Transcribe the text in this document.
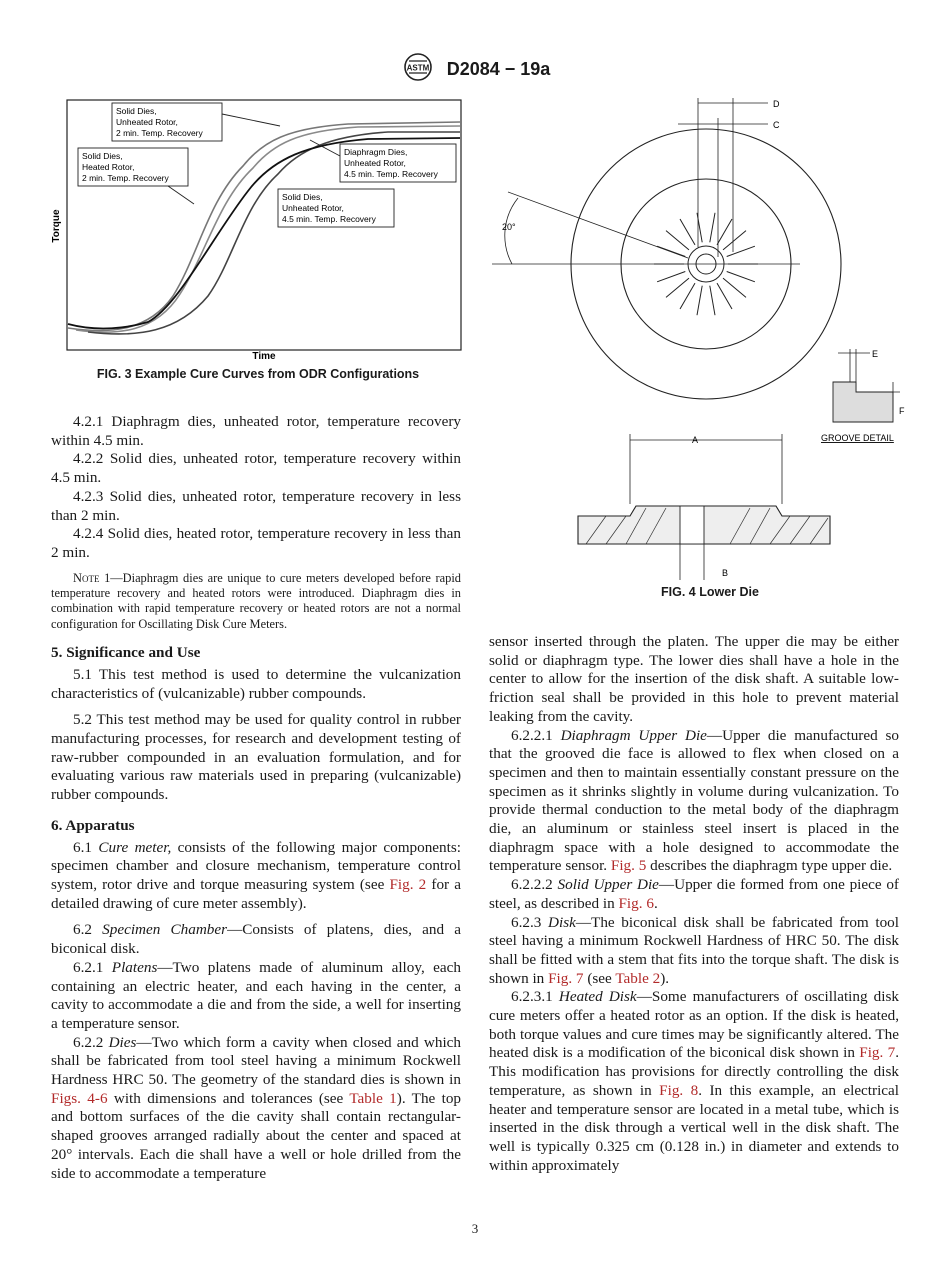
ASTM D2084 − 19a
Torque
Time
Solid Dies,
Unheated Rotor,
2 min. Temp. Recovery
Solid Dies,
Heated Rotor,
2 min. Temp. Recovery
Diaphragm Dies,
Unheated Rotor,
4.5 min. Temp. Recovery
Solid Dies,
Unheated Rotor,
4.5 min. Temp. Recovery
FIG. 3 Example Cure Curves from ODR Configurations
D
C
20°
E
F
GROOVE DETAIL
A
B
FIG. 4 Lower Die

4.2.1 Diaphragm dies, unheated rotor, temperature recovery within 4.5 min.

4.2.2 Solid dies, unheated rotor, temperature recovery within 4.5 min.

4.2.3 Solid dies, unheated rotor, temperature recovery in less than 2 min.

4.2.4 Solid dies, heated rotor, temperature recovery in less than 2 min.

Note 1—Diaphragm dies are unique to cure meters developed before rapid temperature recovery and heated rotors were introduced. Diaphragm dies in combination with rapid temperature recovery or heated rotors are not a normal configuration for Oscillating Disk Cure Meters.

5. Significance and Use

5.1 This test method is used to determine the vulcanization characteristics of (vulcanizable) rubber compounds.

5.2 This test method may be used for quality control in rubber manufacturing processes, for research and development testing of raw-rubber compounded in an evaluation formulation, and for evaluating various raw materials used in preparing (vulcanizable) rubber compounds.

6. Apparatus

6.1 Cure meter, consists of the following major components: specimen chamber and closure mechanism, temperature control system, rotor drive and torque measuring system (see Fig. 2 for a detailed drawing of cure meter assembly).

6.2 Specimen Chamber—Consists of platens, dies, and a biconical disk.

6.2.1 Platens—Two platens made of aluminum alloy, each containing an electric heater, and each having in the center, a cavity to accommodate a die and from the side, a well for inserting a temperature sensor.

6.2.2 Dies—Two which form a cavity when closed and which shall be fabricated from tool steel having a minimum Rockwell Hardness HRC 50. The geometry of the standard dies is shown in Figs. 4-6 with dimensions and tolerances (see Table 1). The top and bottom surfaces of the die cavity shall contain rectangular-shaped grooves arranged radially about the center and spaced at 20° intervals. Each die shall have a well or hole drilled from the side to accommodate a temperature

sensor inserted through the platen. The upper die may be either solid or diaphragm type. The lower dies shall have a hole in the center to allow for the insertion of the disk shaft. A suitable low-friction seal shall be provided in this hole to prevent material leaking from the cavity.

6.2.2.1 Diaphragm Upper Die—Upper die manufactured so that the grooved die face is allowed to flex when closed on a specimen and then to maintain essentially constant pressure on the specimen as it shrinks slightly in volume during vulcanization. To provide thermal conduction to the metal body of the diaphragm die, an aluminum or stainless steel insert is placed in the diaphragm space with a hole designed to accommodate the temperature sensor. Fig. 5 describes the diaphragm type upper die.

6.2.2.2 Solid Upper Die—Upper die formed from one piece of steel, as described in Fig. 6.

6.2.3 Disk—The biconical disk shall be fabricated from tool steel having a minimum Rockwell Hardness of HRC 50. The disk shall be fitted with a stem that fits into the torque shaft. The disk is shown in Fig. 7 (see Table 2).

6.2.3.1 Heated Disk—Some manufacturers of oscillating disk cure meters offer a heated rotor as an option. If the disk is heated, both torque values and cure times may be significantly altered. The heated disk is a modification of the biconical disk shown in Fig. 7. This modification has provisions for directly controlling the disk temperature, as shown in Fig. 8. In this example, an electrical heater and temperature sensor are located in a metal tube, which is inserted in the disk through a vertical well in the disk shaft. The well is typically 0.325 cm (0.128 in.) in diameter and extends to within approximately

3
